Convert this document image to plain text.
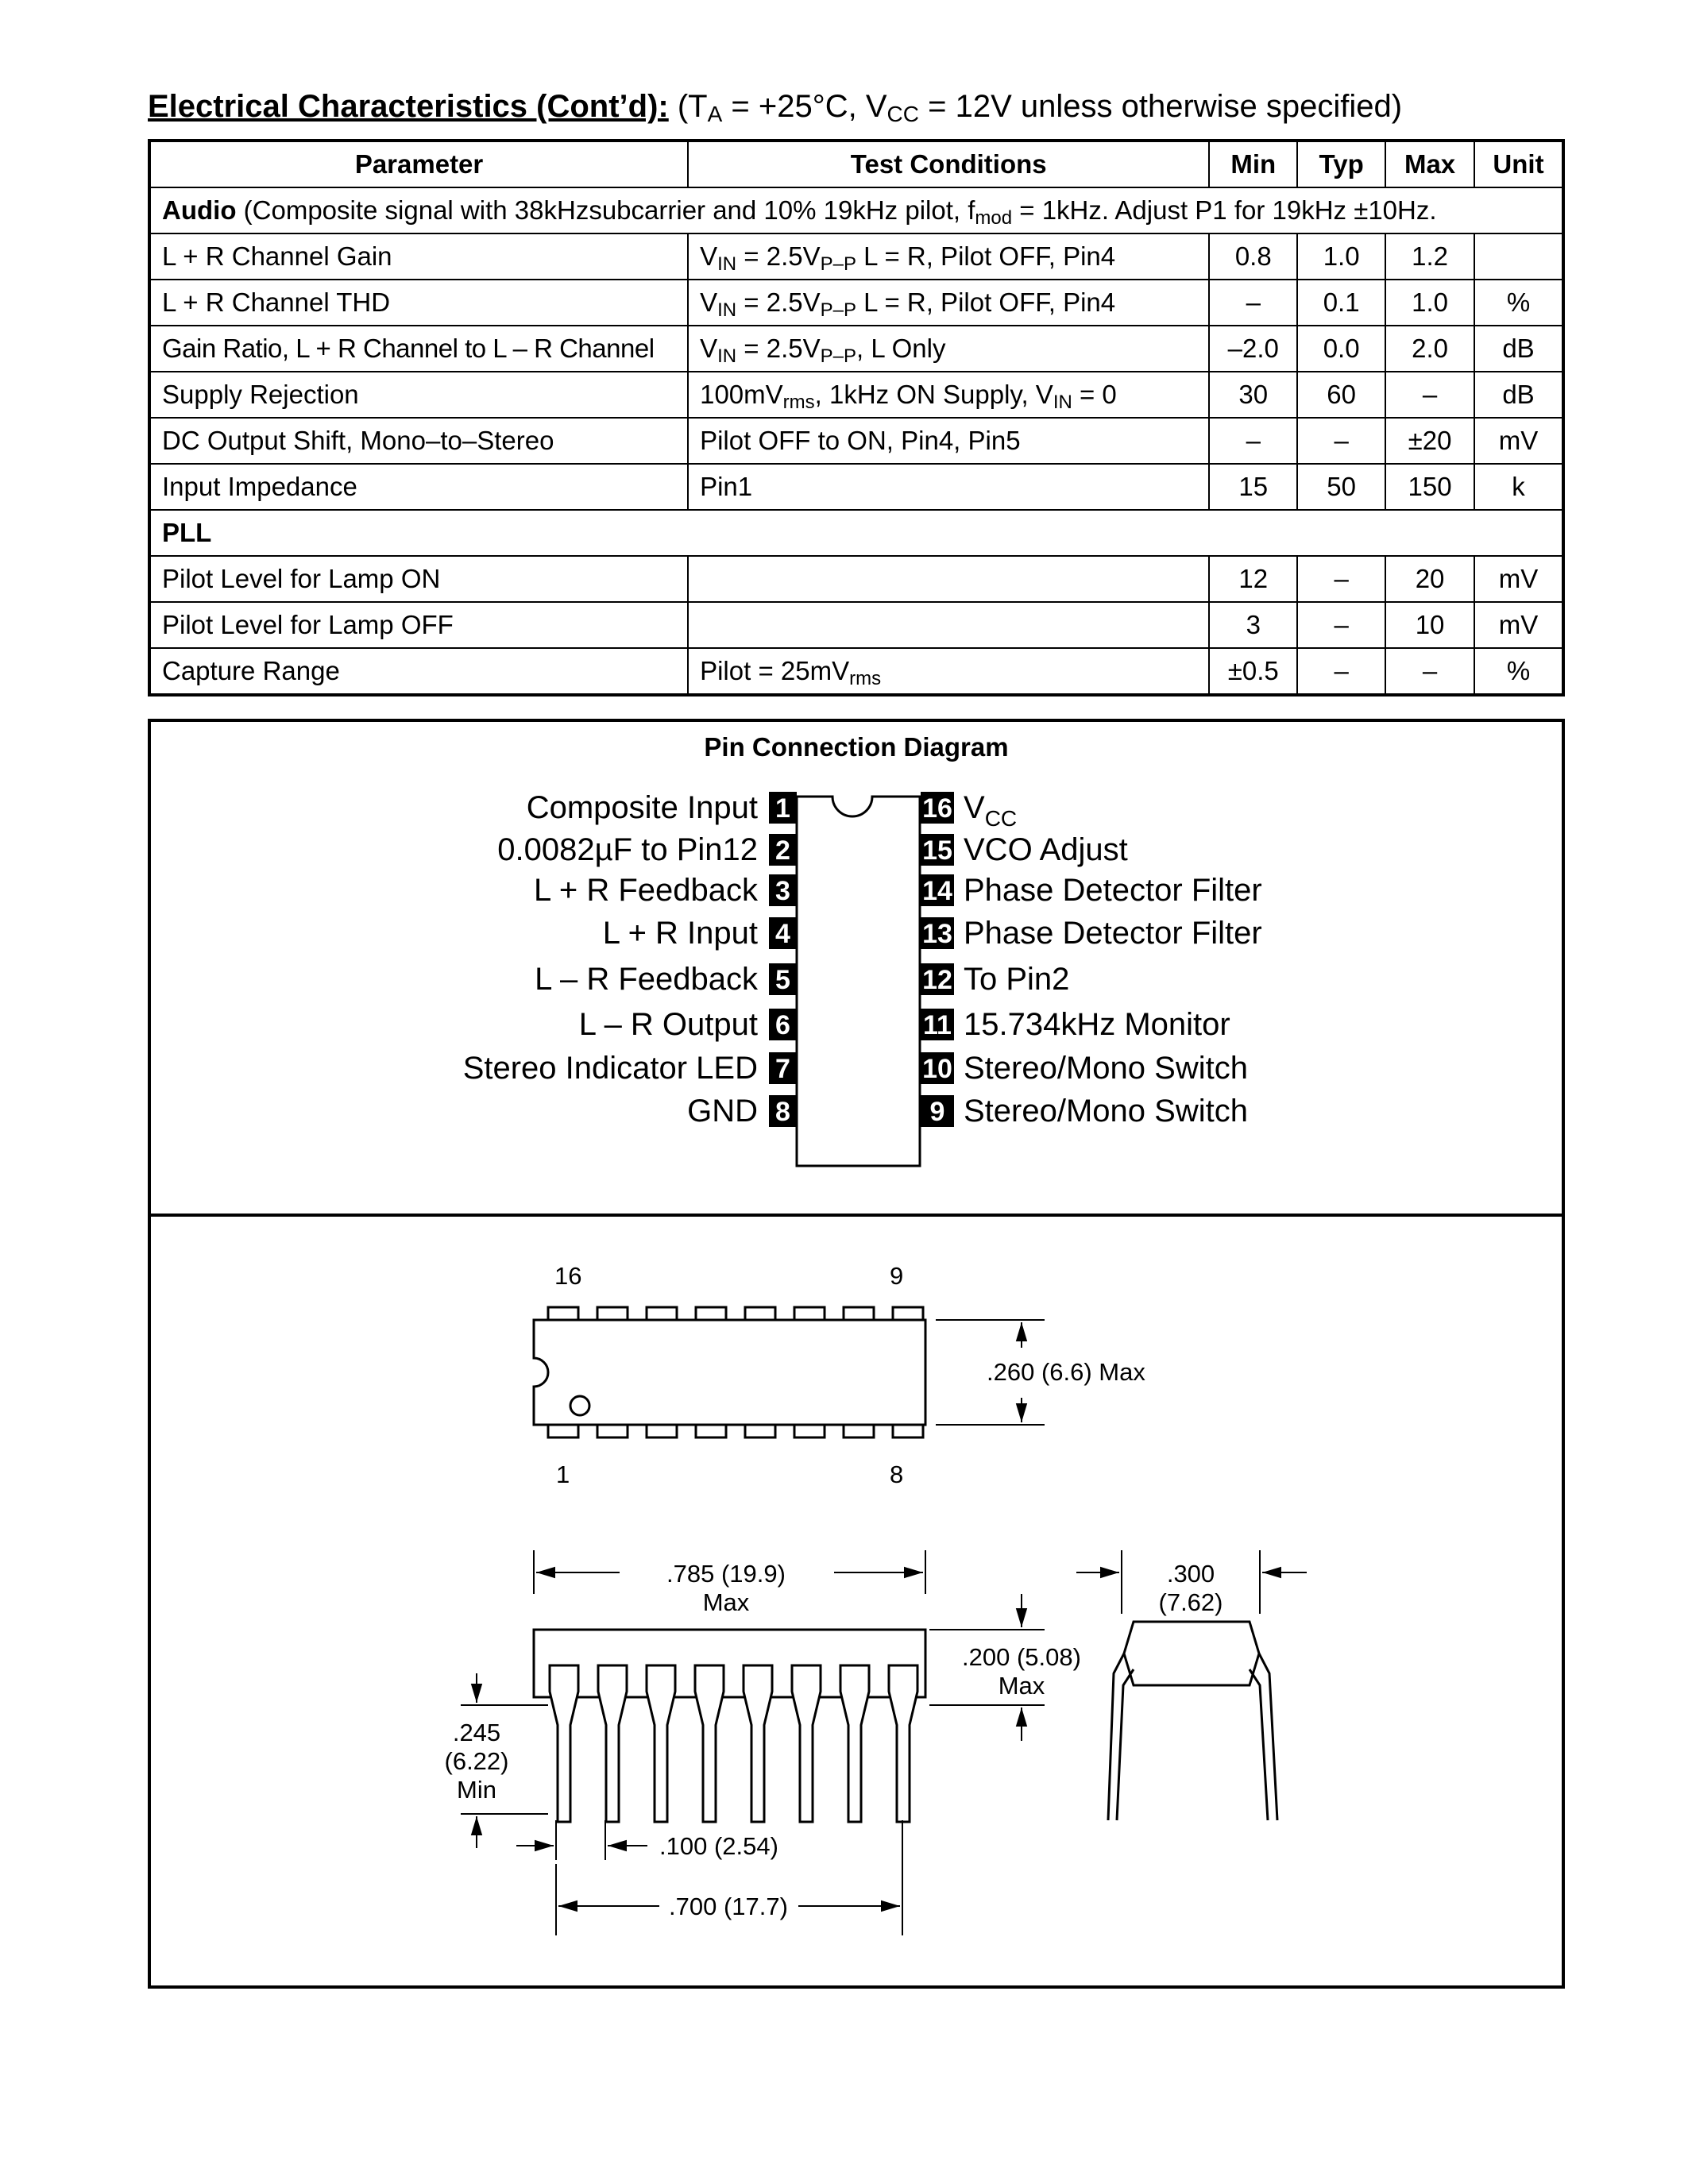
Electrical Characteristics (Cont’d): ($T_A = +25^\circ C$, $V_{CC} = 12V$ unless otherwise specified)
Parameter	Test Conditions	Min	Typ	Max	Unit
Audio (Composite signal with 38kHzsubcarrier and 10% 19kHz pilot, $f_{mod} = 1kHz$. Adjust P1 for 19kHz ±10Hz.					
L + R Channel Gain	$V_{IN} = 2.5V_{P-P}$ L = R, Pilot OFF, Pin4	0.8	1.0	1.2	
L + R Channel THD	$V_{IN} = 2.5V_{P-P}$ L = R, Pilot OFF, Pin4	–	0.1	1.0	%
Gain Ratio, L + R Channel to L – R Channel	$V_{IN} = 2.5V_{P-P}$, L Only	–2.0	0.0	2.0	dB
Supply Rejection	$100mV_{rms}$, 1kHz ON Supply, $V_{IN} = 0$	30	60	–	dB
DC Output Shift, Mono–to–Stereo	Pilot OFF to ON, Pin4, Pin5	–	–	±20	mV
Input Impedance	Pin1	15	50	150	k
PLL					
Pilot Level for Lamp ON		12	–	20	mV
Pilot Level for Lamp OFF		3	–	10	mV
Capture Range	Pilot = $25mV_{rms}$	±0.5	–	–	%
Pin Connection Diagram
1
Composite Input
2
0.0082µF to Pin12
3
L + R Feedback
4
L + R Input
5
L – R Feedback
6
L – R Output
7
Stereo Indicator LED
8
GND
16 $V_{CC}$
15 VCO Adjust
14 Phase Detector Filter
13 Phase Detector Filter
12 To Pin2
11 15.734kHz Monitor
10 Stereo/Mono Switch
9 Stereo/Mono Switch
16	9
1	8
.260 (6.6) Max
.785 (19.9)
Max
.200 (5.08)
Max
.245
(6.22)
Min
.100 (2.54)
.700 (17.7)
.300
(7.62)
